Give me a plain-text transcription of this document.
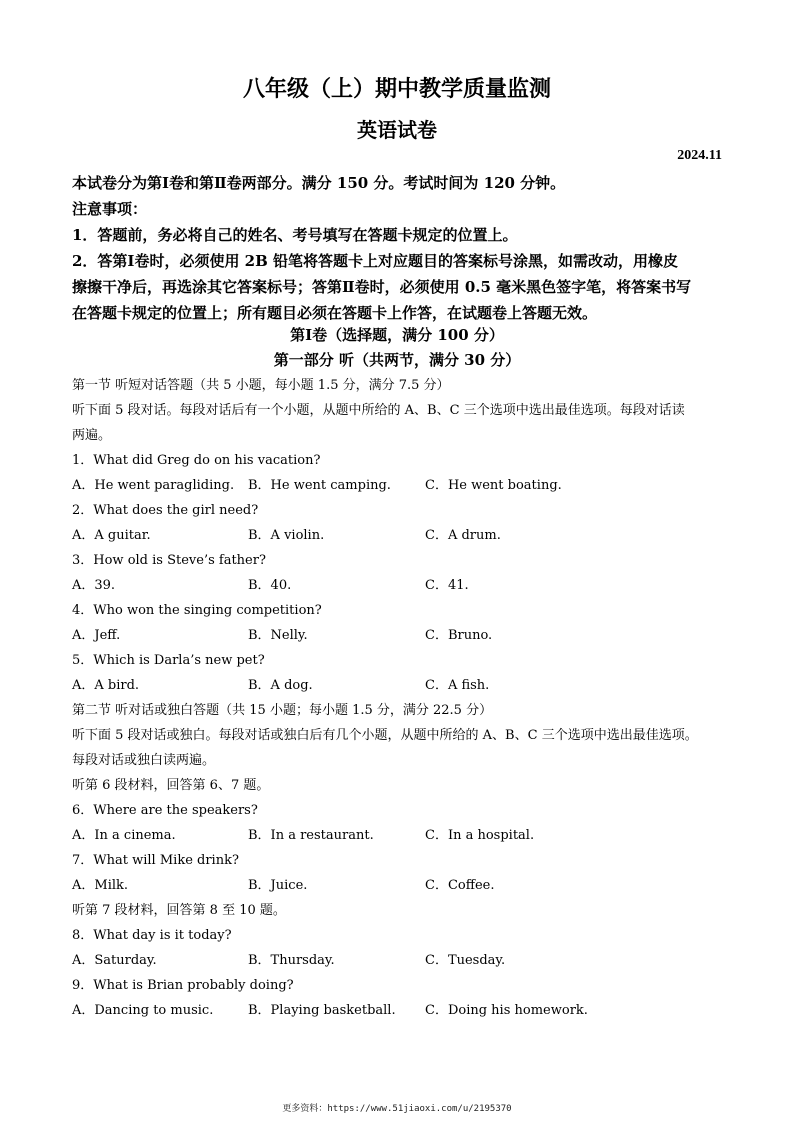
八年级（上）期中教学质量监测
英语试卷
2024.11
本试卷分为第Ⅰ卷和第Ⅱ卷两部分。满分 150 分。考试时间为 120 分钟。
注意事项：
1．答题前，务必将自己的姓名、考号填写在答题卡规定的位置上。
2．答第Ⅰ卷时，必须使用 2B 铅笔将答题卡上对应题目的答案标号涂黑，如需改动，用橡皮
擦擦干净后，再选涂其它答案标号；答第Ⅱ卷时，必须使用 0.5 毫米黑色签字笔，将答案书写
在答题卡规定的位置上；所有题目必须在答题卡上作答，在试题卷上答题无效。
第Ⅰ卷（选择题，满分 100 分）
第一部分 听（共两节，满分 30 分）
第一节 听短对话答题（共 5 小题，每小题 1.5 分，满分 7.5 分）
听下面 5 段对话。每段对话后有一个小题，从题中所给的 A、B、C 三个选项中选出最佳选项。每段对话读
两遍。
1．What did Greg do on his vacation?
A．He went paragliding. B．He went camping.	C．He went boating.
2．What does the girl need?
A．A guitar.	B．A violin.	C．A drum.
3．How old is Steve’s father?
A．39.	B．40.	C．41.
4．Who won the singing competition?
A．Jeff.	B．Nelly.	C．Bruno.
5．Which is Darla’s new pet?
A．A bird.	B．A dog.	C．A fish.
第二节 听对话或独白答题（共 15 小题；每小题 1.5 分，满分 22.5 分）
听下面 5 段对话或独白。每段对话或独白后有几个小题，从题中所给的 A、B、C 三个选项中选出最佳选项。
每段对话或独白读两遍。
听第 6 段材料，回答第 6、7 题。
6．Where are the speakers?
A．In a cinema.	B．In a restaurant.	C．In a hospital.
7．What will Mike drink?
A．Milk.	B．Juice.	C．Coffee.
听第 7 段材料，回答第 8 至 10 题。
8．What day is it today?
A．Saturday.	B．Thursday.	C．Tuesday.
9．What is Brian probably doing?
A．Dancing to music.	B．Playing basketball. C．Doing his homework.
更多资料：https://www.51jiaoxi.com/u/2195370
